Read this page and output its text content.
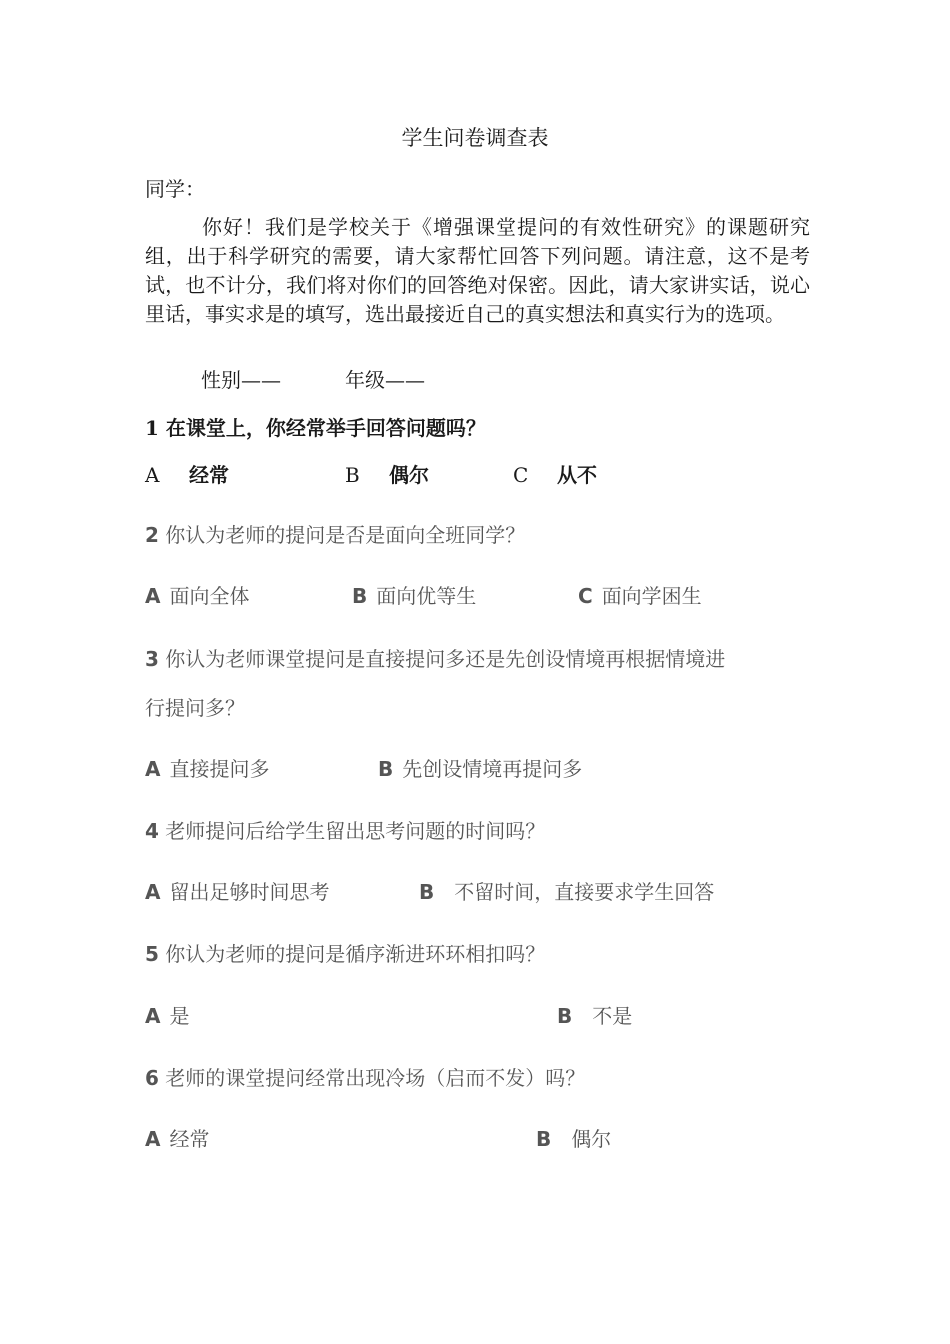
学生问卷调查表
同学：
你好！我们是学校关于《增强课堂提问的有效性研究》的课题研究组，出于科学研究的需要，请大家帮忙回答下列问题。请注意，这不是考试，也不计分，我们将对你们的回答绝对保密。因此，请大家讲实话，说心里话，事实求是的填写，选出最接近自己的真实想法和真实行为的选项。
性别——	年级——
1 在课堂上，你经常举手回答问题吗？
A 经常	B 偶尔	C 从不
2 你认为老师的提问是否是面向全班同学？
A 面向全体	B 面向优等生	C 面向学困生
3 你认为老师课堂提问是直接提问多还是先创设情境再根据情境进
行提问多？
A 直接提问多	B 先创设情境再提问多
4 老师提问后给学生留出思考问题的时间吗？
A 留出足够时间思考	B 不留时间，直接要求学生回答
5 你认为老师的提问是循序渐进环环相扣吗？
A 是	B 不是
6 老师的课堂提问经常出现冷场（启而不发）吗？
A 经常	B 偶尔
